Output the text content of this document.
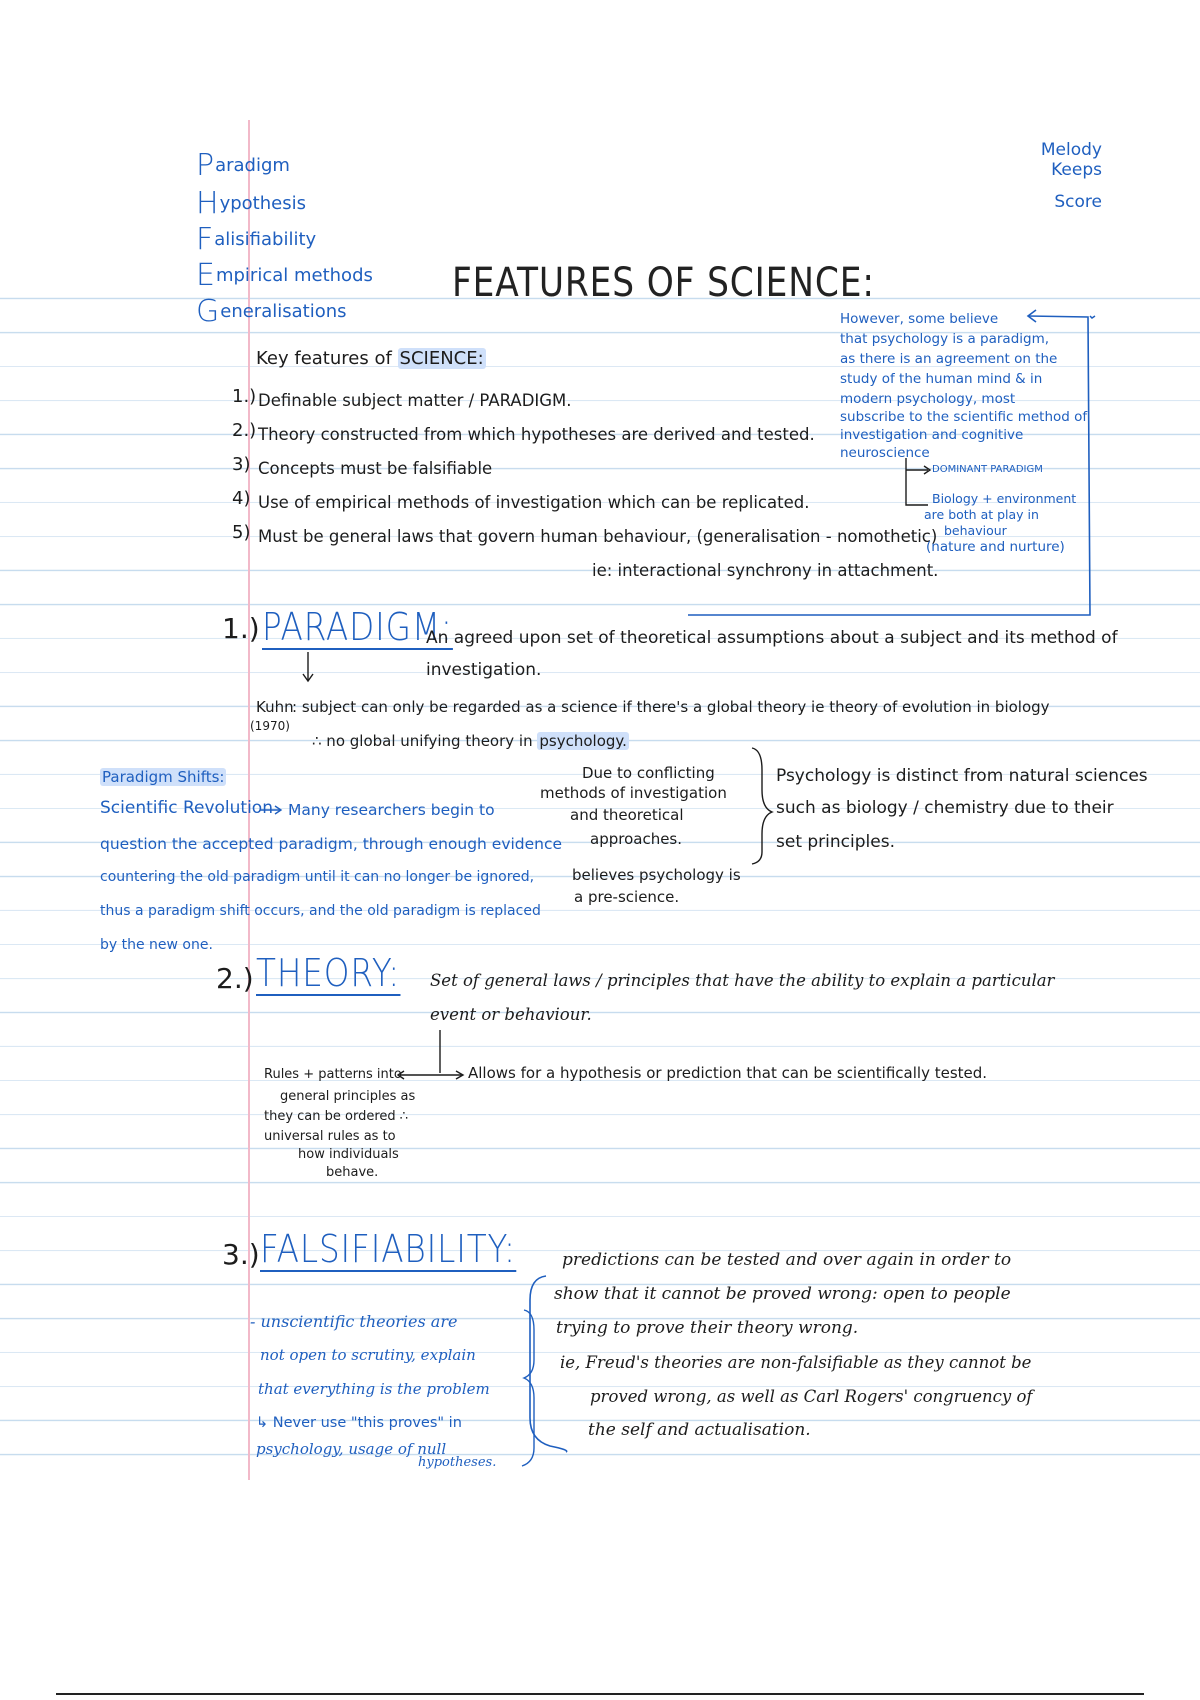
Paradigm
Hypothesis
Falisifiability
Empirical methods
Generalisations
Melody
Keeps
Score
FEATURES OF SCIENCE:
Key features of SCIENCE:
1.) Definable subject matter / PARADIGM.
2.) Theory constructed from which hypotheses are derived and tested.
3) Concepts must be falsifiable
4) Use of empirical methods of investigation which can be replicated.
5) Must be general laws that govern human behaviour, (generalisation - nomothetic)
ie: interactional synchrony in attachment.
However, some believe
that psychology is a paradigm,
as there is an agreement on the
study of the human mind & in
modern psychology, most
subscribe to the scientific method of
investigation and cognitive
neuroscience
DOMINANT PARADIGM
Biology + environment
are both at play in
behaviour
(nature and nurture)
1.) PARADIGM:
An agreed upon set of theoretical assumptions about a subject and its method of
investigation.
Kuhn
: subject can only be regarded as a science if there's a global theory ie theory of evolution in biology
(1970)
∴ no global unifying theory in psychology.
Due to conflicting
methods of investigation
and theoretical
approaches.
believes psychology is
a pre-science.
Psychology is distinct from natural sciences
such as biology / chemistry due to their
set principles.
Paradigm Shifts:
Scientific Revolution Many researchers begin to
question the accepted paradigm, through enough evidence
countering the old paradigm until it can no longer be ignored,
thus a paradigm shift occurs, and the old paradigm is replaced
by the new one.
2.) THEORY: Set of general laws / principles that have the ability to explain a particular
event or behaviour.
Allows for a hypothesis or prediction that can be scientifically tested.
Rules + patterns into
general principles as
they can be ordered ∴
universal rules as to
how individuals
behave.
3.) FALSIFIABILITY:	predictions can be tested and over again in order to
show that it cannot be proved wrong: open to people
trying to prove their theory wrong.
ie, Freud's theories are non-falsifiable as they cannot be
proved wrong, as well as Carl Rogers' congruency of
the self and actualisation.
- unscientific theories are
not open to scrutiny, explain
that everything is the problem
↳ Never use "this proves" in
psychology, usage of null
hypotheses.
